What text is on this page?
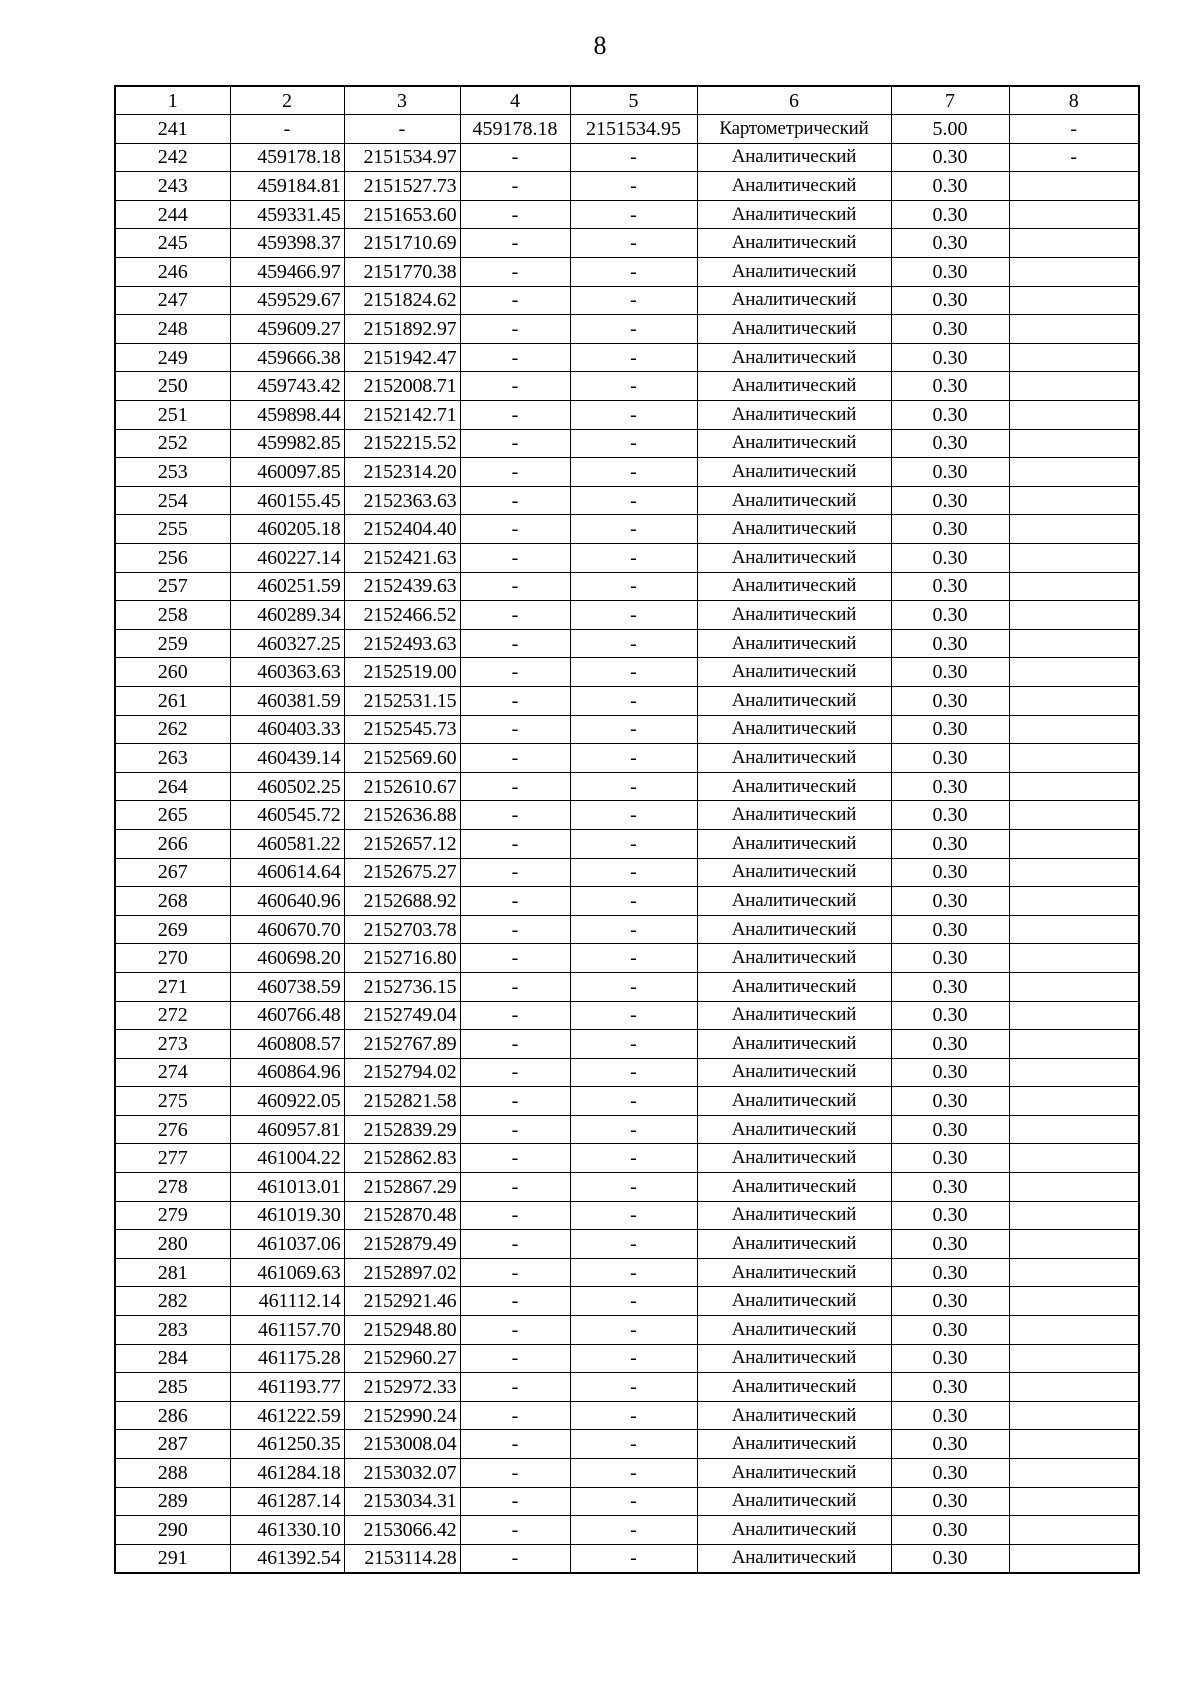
8
1	2	3	4	5	6	7	8
241	-	-	459178.18	2151534.95	Картометрический	5.00	-
242	459178.18	2151534.97	-	-	Аналитический	0.30	-
243	459184.81	2151527.73	-	-	Аналитический	0.30	
244	459331.45	2151653.60	-	-	Аналитический	0.30	
245	459398.37	2151710.69	-	-	Аналитический	0.30	
246	459466.97	2151770.38	-	-	Аналитический	0.30	
247	459529.67	2151824.62	-	-	Аналитический	0.30	
248	459609.27	2151892.97	-	-	Аналитический	0.30	
249	459666.38	2151942.47	-	-	Аналитический	0.30	
250	459743.42	2152008.71	-	-	Аналитический	0.30	
251	459898.44	2152142.71	-	-	Аналитический	0.30	
252	459982.85	2152215.52	-	-	Аналитический	0.30	
253	460097.85	2152314.20	-	-	Аналитический	0.30	
254	460155.45	2152363.63	-	-	Аналитический	0.30	
255	460205.18	2152404.40	-	-	Аналитический	0.30	
256	460227.14	2152421.63	-	-	Аналитический	0.30	
257	460251.59	2152439.63	-	-	Аналитический	0.30	
258	460289.34	2152466.52	-	-	Аналитический	0.30	
259	460327.25	2152493.63	-	-	Аналитический	0.30	
260	460363.63	2152519.00	-	-	Аналитический	0.30	
261	460381.59	2152531.15	-	-	Аналитический	0.30	
262	460403.33	2152545.73	-	-	Аналитический	0.30	
263	460439.14	2152569.60	-	-	Аналитический	0.30	
264	460502.25	2152610.67	-	-	Аналитический	0.30	
265	460545.72	2152636.88	-	-	Аналитический	0.30	
266	460581.22	2152657.12	-	-	Аналитический	0.30	
267	460614.64	2152675.27	-	-	Аналитический	0.30	
268	460640.96	2152688.92	-	-	Аналитический	0.30	
269	460670.70	2152703.78	-	-	Аналитический	0.30	
270	460698.20	2152716.80	-	-	Аналитический	0.30	
271	460738.59	2152736.15	-	-	Аналитический	0.30	
272	460766.48	2152749.04	-	-	Аналитический	0.30	
273	460808.57	2152767.89	-	-	Аналитический	0.30	
274	460864.96	2152794.02	-	-	Аналитический	0.30	
275	460922.05	2152821.58	-	-	Аналитический	0.30	
276	460957.81	2152839.29	-	-	Аналитический	0.30	
277	461004.22	2152862.83	-	-	Аналитический	0.30	
278	461013.01	2152867.29	-	-	Аналитический	0.30	
279	461019.30	2152870.48	-	-	Аналитический	0.30	
280	461037.06	2152879.49	-	-	Аналитический	0.30	
281	461069.63	2152897.02	-	-	Аналитический	0.30	
282	461112.14	2152921.46	-	-	Аналитический	0.30	
283	461157.70	2152948.80	-	-	Аналитический	0.30	
284	461175.28	2152960.27	-	-	Аналитический	0.30	
285	461193.77	2152972.33	-	-	Аналитический	0.30	
286	461222.59	2152990.24	-	-	Аналитический	0.30	
287	461250.35	2153008.04	-	-	Аналитический	0.30	
288	461284.18	2153032.07	-	-	Аналитический	0.30	
289	461287.14	2153034.31	-	-	Аналитический	0.30	
290	461330.10	2153066.42	-	-	Аналитический	0.30	
291	461392.54	2153114.28	-	-	Аналитический	0.30	
